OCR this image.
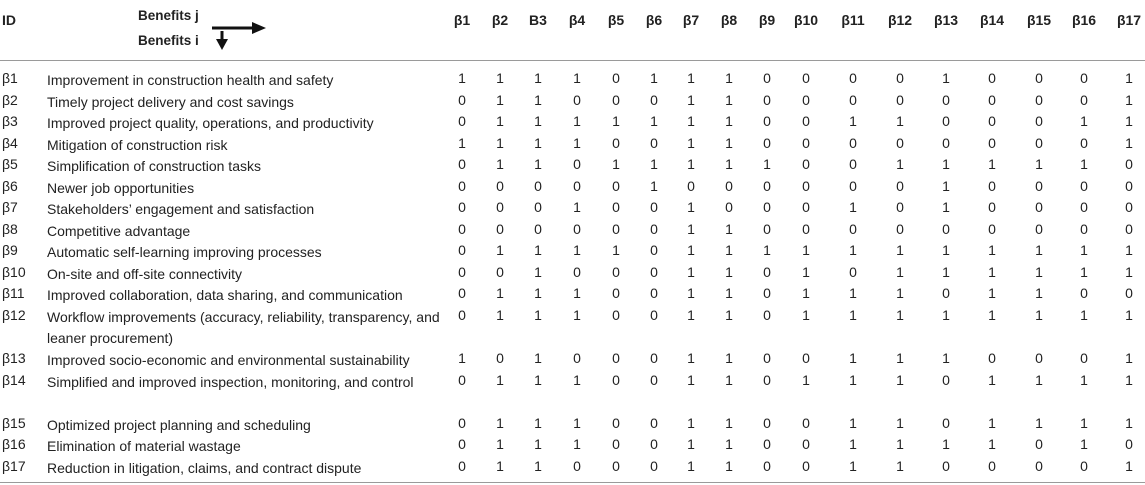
ID	Benefits j
Benefits i
β1	β2	B3	β4	β5	β6	β7	β8	β9	β10 β11 β12 β13 β14 β15 β16 β17
β1 Improvement in construction health and safety	1	1	1	1	0	1	1	1	0	0	0	0	1	0	0	0	1
β2 Timely project delivery and cost savings	0	1	1	0	0	0	1	1	0	0	0	0	0	0	0	0	1
β3 Improved project quality, operations, and productivity	0	1	1	1	1	1	1	1	0	0	1	1	0	0	0	1	1
β4 Mitigation of construction risk	1	1	1	1	0	0	1	1	0	0	0	0	0	0	0	0	1
β5 Simplification of construction tasks	0	1	1	0	1	1	1	1	1	0	0	1	1	1	1	1	0
β6 Newer job opportunities	0	0	0	0	0	1	0	0	0	0	0	0	1	0	0	0	0
β7 Stakeholders’ engagement and satisfaction	0	0	0	1	0	0	1	0	0	0	1	0	1	0	0	0	0
β8 Competitive advantage	0	0	0	0	0	0	1	1	0	0	0	0	0	0	0	0	0
β9 Automatic self-learning improving processes	0	1	1	1	1	0	1	1	1	1	1	1	1	1	1	1	1
β10 On-site and off-site connectivity	0	0	1	0	0	0	1	1	0	1	0	1	1	1	1	1	1
β11 Improved collaboration, data sharing, and communication	0	1	1	1	0	0	1	1	0	1	1	1	0	1	1	0	0
β12 Workflow improvements (accuracy, reliability, transparency, and leaner procurement)
0	1	1	1	0	0	1	1	0	1	1	1	1	1	1	1	1
β13 Improved socio-economic and environmental sustainability	1	0	1	0	0	0	1	1	0	0	1	1	1	0	0	0	1
β14 Simplified and improved inspection, monitoring, and control	0	1	1	1	0	0	1	1	0	1	1	1	0	1	1	1	1
β15 Optimized project planning and scheduling	0	1	1	1	0	0	1	1	0	0	1	1	0	1	1	1	1
β16 Elimination of material wastage	0	1	1	1	0	0	1	1	0	0	1	1	1	1	0	1	0
β17 Reduction in litigation, claims, and contract dispute	0	1	1	0	0	0	1	1	0	0	1	1	0	0	0	0	1
